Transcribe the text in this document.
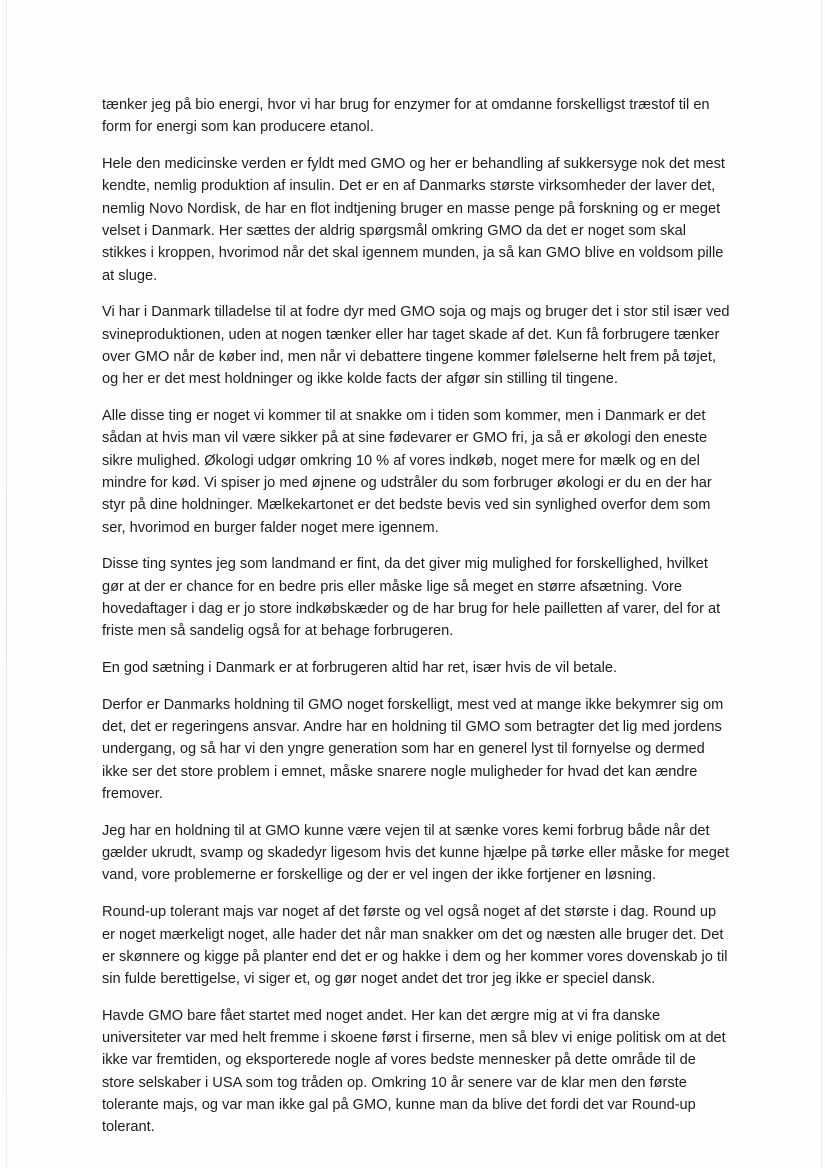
tænker jeg på bio energi, hvor vi har brug for enzymer for at omdanne forskelligst træstof til en form for energi som kan producere etanol.

Hele den medicinske verden er fyldt med GMO og her er behandling af sukkersyge nok det mest kendte, nemlig produktion af insulin. Det er en af Danmarks største virksomheder der laver det, nemlig Novo Nordisk, de har en flot indtjening bruger en masse penge på forskning og er meget velset i Danmark. Her sættes der aldrig spørgsmål omkring GMO da det er noget som skal stikkes i kroppen, hvorimod når det skal igennem munden, ja så kan GMO blive en voldsom pille at sluge.

Vi har i Danmark tilladelse til at fodre dyr med GMO soja og majs og bruger det i stor stil især ved svineproduktionen, uden at nogen tænker eller har taget skade af det. Kun få forbrugere tænker over GMO når de køber ind, men når vi debattere tingene kommer følelserne helt frem på tøjet, og her er det mest holdninger og ikke kolde facts der afgør sin stilling til tingene.

Alle disse ting er noget vi kommer til at snakke om i tiden som kommer, men i Danmark er det sådan at hvis man vil være sikker på at sine fødevarer er GMO fri, ja så er økologi den eneste sikre mulighed. Økologi udgør omkring 10 % af vores indkøb, noget mere for mælk og en del mindre for kød. Vi spiser jo med øjnene og udstråler du som forbruger økologi er du en der har styr på dine holdninger. Mælkekartonet er det bedste bevis ved sin synlighed overfor dem som ser, hvorimod en burger falder noget mere igennem.

Disse ting syntes jeg som landmand er fint, da det giver mig mulighed for forskellighed, hvilket gør at der er chance for en bedre pris eller måske lige så meget en større afsætning. Vore hovedaftager i dag er jo store indkøbskæder og de har brug for hele pailletten af varer, del for at friste men så sandelig også for at behage forbrugeren.

En god sætning i Danmark er at forbrugeren altid har ret, især hvis de vil betale.

Derfor er Danmarks holdning til GMO noget forskelligt, mest ved at mange ikke bekymrer sig om det, det er regeringens ansvar. Andre har en holdning til GMO som betragter det lig med jordens undergang, og så har vi den yngre generation som har en generel lyst til fornyelse og dermed ikke ser det store problem i emnet, måske snarere nogle muligheder for hvad det kan ændre fremover.

Jeg har en holdning til at GMO kunne være vejen til at sænke vores kemi forbrug både når det gælder ukrudt, svamp og skadedyr ligesom hvis det kunne hjælpe på tørke eller måske for meget vand, vore problemerne er forskellige og der er vel ingen der ikke fortjener en løsning.

Round-up tolerant majs var noget af det første og vel også noget af det største i dag. Round up er noget mærkeligt noget, alle hader det når man snakker om det og næsten alle bruger det. Det er skønnere og kigge på planter end det er og hakke i dem og her kommer vores dovenskab jo til sin fulde berettigelse, vi siger et, og gør noget andet det tror jeg ikke er speciel dansk.

Havde GMO bare fået startet med noget andet. Her kan det ærgre mig at vi fra danske universiteter var med helt fremme i skoene først i firserne, men så blev vi enige politisk om at det ikke var fremtiden, og eksporterede nogle af vores bedste mennesker på dette område til de store selskaber i USA som tog tråden op. Omkring 10 år senere var de klar men den første tolerante majs, og var man ikke gal på GMO, kunne man da blive det fordi det var Round-up tolerant.
